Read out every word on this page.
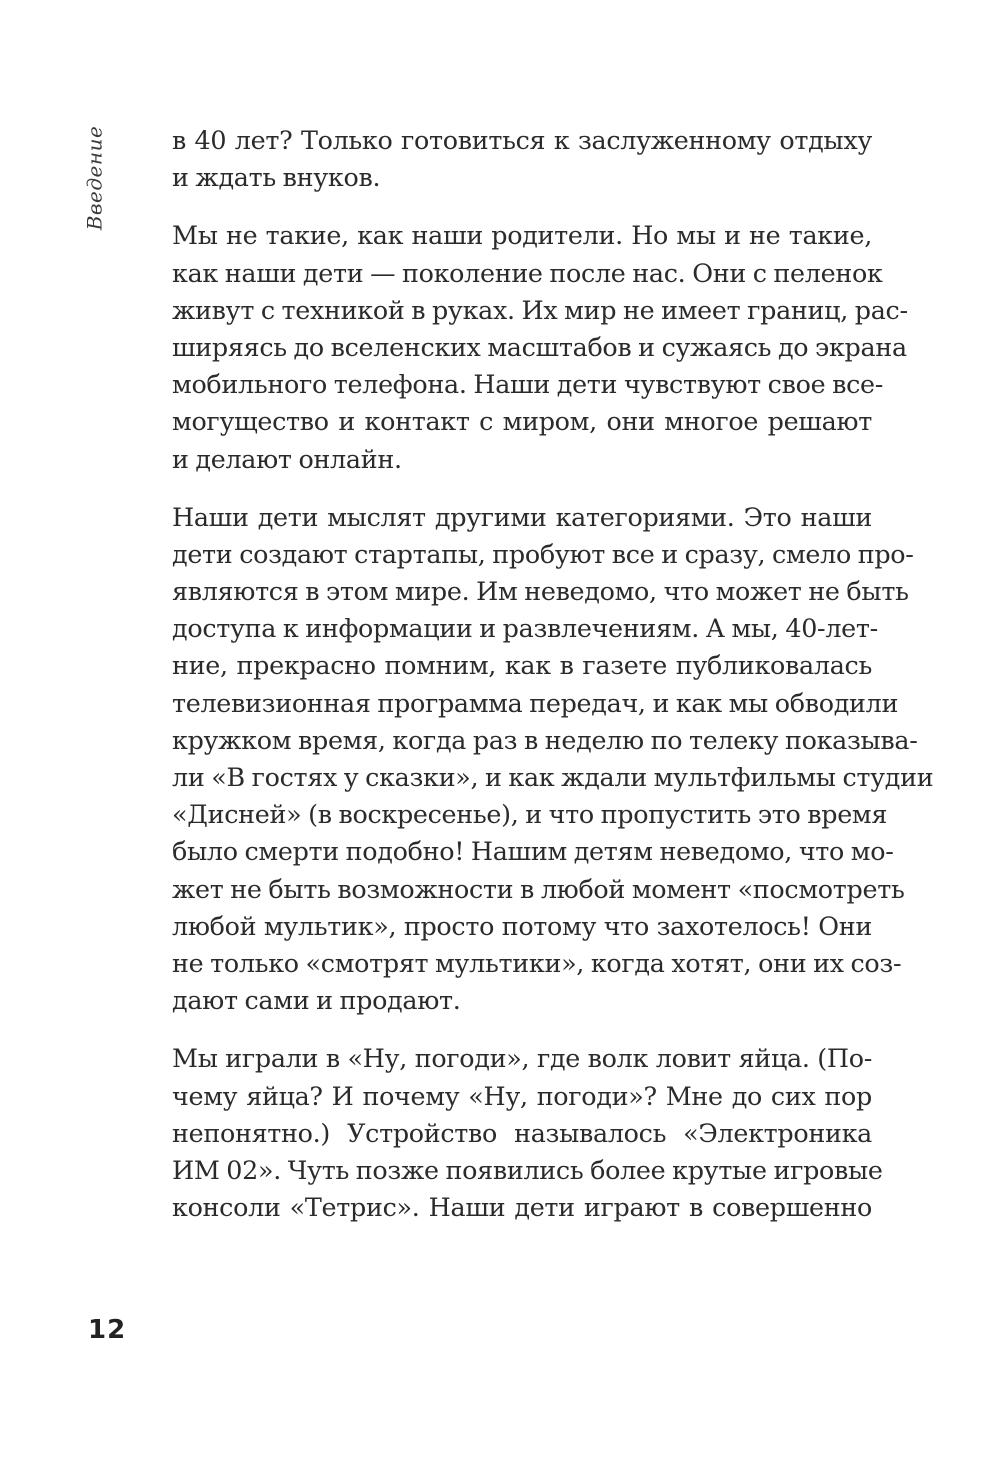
Введение	в 40 лет? Только готовиться к заслуженному отдыху
и ждать внуков.
Мы не такие, как наши родители. Но мы и не такие,
как наши дети — поколение после нас. Они с пеленок
живут с техникой в руках. Их мир не имеет границ, рас-
ширяясь до вселенских масштабов и сужаясь до экрана
мобильного телефона. Наши дети чувствуют свое все-
могущество и контакт с миром, они многое решают
и делают онлайн.
Наши дети мыслят другими категориями. Это наши
дети создают стартапы, пробуют все и сразу, смело про-
являются в этом мире. Им неведомо, что может не быть
доступа к информации и развлечениям. А мы, 40-лет-
ние, прекрасно помним, как в газете публиковалась
телевизионная программа передач, и как мы обводили
кружком время, когда раз в неделю по телеку показыва-
ли «В гостях у сказки», и как ждали мультфильмы студии
«Дисней» (в воскресенье), и что пропустить это время
было смерти подобно! Нашим детям неведомо, что мо-
жет не быть возможности в любой момент «посмотреть
любой мультик», просто потому что захотелось! Они
не только «смотрят мультики», когда хотят, они их соз-
дают сами и продают.
Мы играли в «Ну, погоди», где волк ловит яйца. (По-
чему яйца? И почему «Ну, погоди»? Мне до сих пор
непонятно.) Устройство называлось «Электроника
ИМ 02». Чуть позже появились более крутые игровые
консоли «Тетрис». Наши дети играют в совершенно
12
